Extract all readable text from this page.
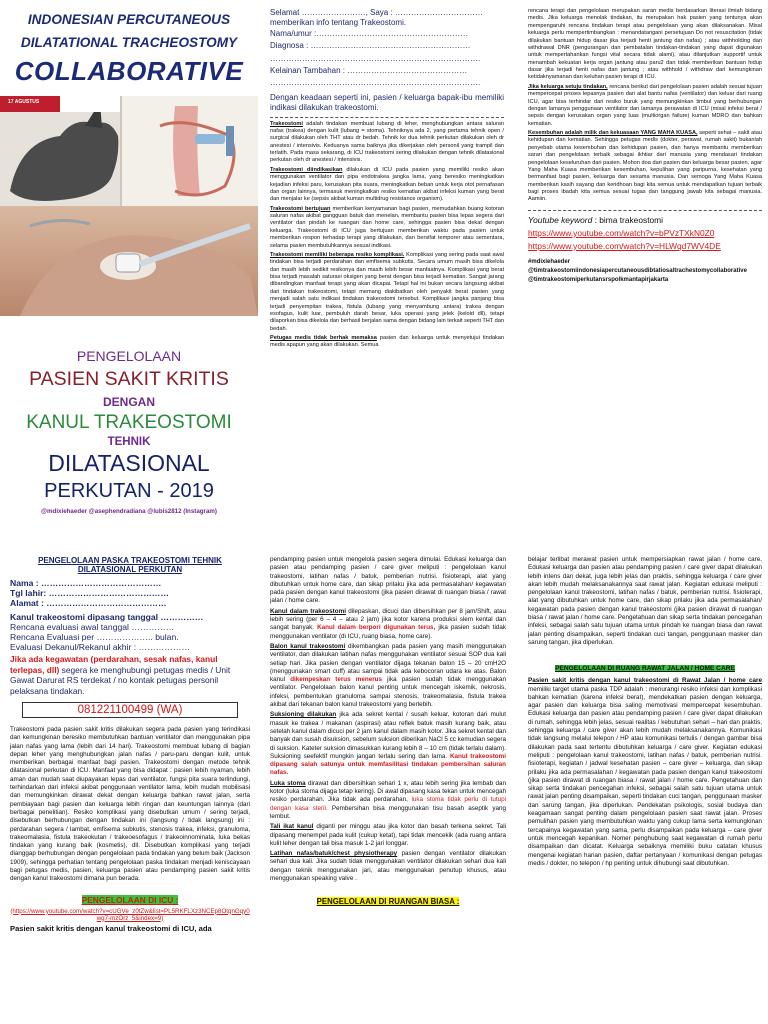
INDONESIAN PERCUTANEOUS
DILATATIONAL TRACHEOSTOMY
COLLABORATIVE
17 AGUSTUS
PENGELOLAAN
PASIEN SAKIT KRITIS
DENGAN
KANUL TRAKEOSTOMI
TEHNIK
DILATASIONAL
PERKUTAN - 2019
@mdixiehaeder @asephendradiana @lubis2812 (Instagram)
Selamat ……………………, Saya : ……………………………
memberikan info tentang Trakeostomi.
Nama/umur :…………………………………………………
Diagnosa : ……………………………………………………
…………………………………………………………………….
Kelainan Tambahan : ………………………………………
…………………………………………………………………….
Dengan keadaan seperti ini, pasien / keluarga bapak-ibu memiliki indikasi dilakukan trakeostomi.

Trakeostomi adalah tindakan membuat lubang di leher, menghubungkan antara saluran nafas (trakea) dengan kulit (lubang = stoma). Tehniknya ada 2, yang pertama tehnik open / surgical dilakukan oleh THT atau dr bedah. Tehnik ke dua tehnik perkutan dilakukan oleh dr anestesi / intensivis. Keduanya sama baiknya jika dikerjakan oleh personil yang trampil dan terlatih. Pada masa sekarang, di ICU trakeostomi sering dilakukan dengan tehnik dilatasional perkutan oleh dr anestesi / intensivis.

Trakeostomi diindikasikan dilakukan di ICU pada pasien yang memiliki resiko akan menggunakan ventilator dan pipa endotrakea jangka lama, yang beresiko meningkatkan kejadian infeksi paru, kerusakan pita suara, meningkatkan beban untuk kerja otot pernafasan dan organ lainnya, termasuk meningkatkan resiko kematian akibat infeksi kuman yang berat dan menjalar ke (sepsis akibat kuman multidrug resistance organism).

Trakeostomi bertujuan memberikan kenyamanan bagi pasien, memudahkan buang kotoran saluran nafas akibat gangguan batuk dan menelan, membantu pasien bisa lepas segera dari ventilator dan pindah ke ruangan dan home care, sehingga pasien bisa dekat dengan keluarga. Trakeostomi di ICU juga bertujuan memberikan waktu pada pasien untuk memberikan respon terhadap terapi yang dilakukan, dan bersifat temporer atau sementara, selama pasien membutuhkannya sesuai indikasi.

Trakeostomi memiliki beberapa resiko komplikasi. Komplikasi yang sering pada saat awal tindakan bisa terjadi perdarahan dan emfisema subkutis. Secara umum masih bisa dikelola dan masih lebih sedikit resikonya dan masih lebih besar manfaatnya. Komplikasi yang berat bisa terjadi masalah saturasi oksigen yang berat dengan bisa terjadi kematian. Sangat jarang dibandingkan manfaat terapi yang akan dicapai. Tetapi hal ini bukan secara langsung akibat dari tindakan trakeostomi, tetapi memang diakibatkan oleh penyakit berat pasien yang menjadi salah satu indikasi tindakan trakeostomi tersebut. Komplikasi jangka panjang bisa terjadi penyempitan trakea, fistula (lubang yang menyambung antara) trakea dengan esofagus, kulit luar, pembuluh darah besar, luka operasi yang jelek (keloid dll), tetapi dilaporkan bisa dikelola dan berhasil berjalan sama dengan bidang lain terkait seperti THT dan bedah.

Petugas medis tidak berhak memaksa pasien dan keluarga untuk menyetujui tindakan medis apapun yang akan dilakukan. Semua

rencana terapi dan pengelolaan merupakan saran medis berdasarkan literasi ilmiah bidang medis. Jika keluarga menolak tindakan, itu merupakan hak pasien yang tentunya akan mempengaruhi rencana tindakan terapi atau pengelolaan yang akan dilaksanakan. Misal keluarga perlu mempertimbangkan : menandatangani persetujuan Do not resuscitation (tidak dilakukan bantuan hidup dasar jika terjadi henti jantung dan nafas) ; atau withholding dan withdrawal DNR (pengurangan dan pembatalan tindakan-tindakan yang dapat digunakan untuk mempertahankan fungsi vital secara tidak alami), atau dilanjutkan supportif untuk menambah kekuatan kerja organ jantung atau paru2 dan tidak memberikan bantuan hidup dasar jika terjadi henti nafas dan jantung ; atau withhold / withdraw dari kemungkinan ketidaknyamanan dan keluhan pasien terapi di ICU.

Jika keluarga setuju tindakan, rencana berikut dari pengelolaan pasien adalah sesuai tujuan mempercepat proses lepasnya pasien dari alat bantu nafas (ventilator) dan keluar dari ruang ICU, agar bisa terhindar dari resiko buruk yang memungkinkan timbul yang berhubungan dengan lamanya penggunaan ventilator dan lamanya perawatan di ICU (misal infeksi berat / sepsis dengan kerusakan organ yang luas (multiorgan failure) kuman MDRO dan bahkan kematian.

Kesembuhan adalah milik dan kekuasaan YANG MAHA KUASA, seperti sehat – sakit atau kehidupan dan kematian. Sehingga petugas medis (dokter, perawat, rumah sakit) bukanlah penyebab utama kesembuhan dan kehidupan pasien, dan hanya membantu memberikan saran dan pengelolaan terbaik sebagai ikhtiar dari manusia yang mendasari tindakan pengelolaan keseluruhan dari pasien. Mohon doa dari pasien dan keluarga besar pasien, agar Yang Maha Kuasa memberikan kesembuhan, kepulihan yang paripurna, kesehatan yang bermanfaat bagi pasien, keluarga dan sesama manusia. Dan semoga Yang Maha Kuasa memberikan kasih sayang dan keridhoan bagi kita semua untuk mendapatkan tujuan terbaik bagi proses ibadah kita semua sesuai tugas dan tanggung jawab kita sebagai manusia. Aamiin.

Youtube keyword : bima trakeostomi
https://www.youtube.com/watch?v=bPVzTXkN0Z0
https://www.youtube.com/watch?v=HLWqd7WV4DE
#mdixiehaeder
@timtrakeostomiindonesiapercutaneousdibtatiosaltrachestomycollaborative
@timtrakeostomiperkutansrspolkmantapirjakarta
PENGELOLAAN PASKA TRAKEOSTOMI TEHNIK
DILATASIONAL PERKUTAN
Nama : ……………………………………
Tgl lahir: ……………………………………
Alamat : ……………………………………
Kanul trakeostomi dipasang tanggal ……………
Rencana evaluasi awal tanggal ……………
Rencana Evaluasi per ……………….. bulan.
Evaluasi Dekanul/Rekanul akhir : ………………
Jika ada kegawatan (perdarahan, sesak nafas, kanul terlepas, dll) segera ke menghubungi petugas medis / Unit Gawat Darurat RS terdekat / no kontak petugas personil pelaksana tindakan.
081221100499 (WA)

Trakeostomi pada pasien sakit kritis dilakukan segera pada pasien yang terindikasi dan kemungkinan beresiko membutuhkan bantuan ventilator dan menggunakan pipa jalan nafas yang lama (lebih dari 14 hari). Trakeostomi membuat lubang di bagian depan leher yang menghubungkan jalan nafas / paru-paru dengan kulit, untuk memberikan berbagai manfaat bagi pasien. Trakeostomi dengan metode tehnik dilatasional perkutan di ICU. Manfaat yang bisa didapat : pasien lebih nyaman, lebih aman dan mudah saat diupayakan lepas dari ventilator, fungsi pita suara terlindungi, terhindarkan dari infeksi akibat penggunaan ventilator lama, lebih mudah mobilisasi dan memungkinkan dirawat dekat dengan keluarga bahkan rawat jalan, serta pembiayaan bagi pasien dan keluarga lebih ringan dan keuntungan lainnya (dari berbagai penelitian). Resiko komplikasi yang disebutkan umum / sering terjadi, disebutkan berhubungan dengan tindakan ini (langsung / tidak langsung) ini : perdarahan segera / lambat, emfisema subkutis, stenosis trakea, infeksi, granuloma, trakeomalasia, fistula trakeokutan / trakeoesofagus / trakeoinnominata, luka bekas tindakan yang kurang baik (kosmetis), dll. Disebutkan komplikasi yang terjadi dianggap berhubungan dengan pengelolaan pada tindakan yang belum baik (Jackson 1909), sehingga perhatian tentang pengelolaan paska tindakan menjadi keniscayaan bagi petugas medis, pasien, keluarga pasien atau pendamping pasien sakit kritis dengan kanul trakeostomi dimana pun berada.

PENGELOLAAN DI ICU :
(https://www.youtube.com/watch?v=cUGVe_z0tZw&list=PL5RKFLXz3NCEp8OtgnGqy0wg7-mzOrz_5&index=9)
Pasien sakit kritis dengan kanul trakeostomi di ICU, ada

pendamping pasien untuk mengelola pasien segera dimulai. Edukasi keluarga dan pasien atau pendamping pasien / care giver meliputi : pengelolaan kanul trakeostomi, latihan nafas / batuk, pemberian nutrisi. fisioterapi, alat yang dibutuhkan untuk home care, dan sikap prilaku jika ada permasalahan/ kegawatan pada pasien dengan kanul trakeostomi (jika pasien dirawat di ruangan biasa / rawat jalan / home care.

Kanul dalam trakeostomi dilepaskan, dicuci dan dibersihkan per 8 jam/Shift, atau lebih sering (per 6 – 4 – atau 2 jam) jika kotor karena produksi slem kental dan sangat banyak. Kanul dalam berpori digunakan terus, jika pasien sudah tidak menggunakan ventilator (di ICU, ruang biasa, home care).

Balon kanul trakeostomi dikembangkan pada pasien yang masih menggunakan ventilator, dan dilakukan latihan nafas menggunakan ventilator sesuai SOP dua kali setiap hari. Jika pasien dengan ventilator dijaga tekanan balon 15 – 20 cmH2O (menggunakan smart cuff) atau sampai tidak ada kebocoran udara ke atas. Balon kanul dikempeskan terus menerus jika pasien sudah tidak menggunakan ventilator. Pengelolaan balon kanul penting untuk mencegah iskemik, nekrosis, infeksi, pembentukan granuloma sampai stenosis, trakeomalasia, fistula trakea akibat dari tekanan balon kanul trakeostomi yang berlebih.

Suksioning dilakukan jika ada sekret kental / susah keluar, kotoran dari mulut masuk ke trakea / makanan (aspirasi) atau reflek batuk masih kurang baik, atau setelah kanul dalam dicuci per 2 jam kanul dalam masih kotor. Jika sekret kental dan banyak dan susah disuksion, sebelum suksion diberikan NaCl 5 cc kemudian segera di suksion. Kateter suksion dimasukkan kurang lebih 8 – 10 cm (tidak terlalu dalam). Suksioning seefektif mungkin jangan terlalu sering dan lama. Kanul trakeostomi dipasang salah satunya untuk memfasilitasi tindakan pembersihan saluran nafas.

Luka stoma dirawat dan dibersihkan sehari 1 x, atau lebih sering jika lembab dan kotor (luka stoma dijaga tetap kering). Di awal dipasang kasa tekan untuk mencegah resiko perdarahan. Jika tidak ada perdarahan, luka stoma tidak perlu di tutupi dengan kasa steril. Pembersihan bisa menggunakan tisu basah aseptik yang lembut.

Tali ikat kanul diganti per minggu atau jika kotor dan basah terkena sekret. Tali dipasang menempel pada kulit (cukup ketat), tapi tidak mencekik (ada ruang antara kulit leher dengan tali bisa masuk 1-2 jari longgar.

Latihan nafas/batuk/chest physiotherapy pasien dengan ventilator dilakukan sehari dua kali. Jika sudah tidak menggunakan ventilator dilakukan sehari dua kali dengan teknik menggunakan jari, atau menggunakan penutup khusus, atau menggunakan speaking valve .

PENGELOLAAN DI RUANGAN BIASA :

belajar terlibat merawat pasien untuk mempersiapkan rawat jalan / home care. Edukasi keluarga dan pasien atau pendamping pasien / care giver dapat dilakukan lebih intens dan dekat, juga lebih jelas dan praktis, sehingga keluarga / care giver akan lebih mudah melaksanakannya saat rawat jalan. Kegiatan edukasi meliputi : pengelolaan kanul trakeostomi, latihan nafas / batuk, pemberian nutrisi. fisioterapi, alat yang dibutuhkan untuk home care, dan sikap prilaku jika ada permasalahan/ kegawatan pada pasien dengan kanul trakeostomi (jika pasien dirawat di ruangan biasa / rawat jalan / home care. Pengetahuan dan sikap serta tindakan pencegahan infeksi, sebagai salah satu tujuan utama untuk pindah ke ruangan biasa dan rawat jalan penting disampaikan, seperti tindakan cuci tangan, penggunaan masker dan sarung tangan, jika diperlukan.

PENGELOLAAN DI RUANG RAWAT JALAN / HOME CARE

Pasien sakit kritis dengan kanul trakeostomi di Rawat Jalan / home care memiliki target utama paska TDP adalah : menurangi resiko infeksi dan komplikasi bahkan kematian (karena infeksi berat), mendekatkan pasien dengan keluarga, agar pasien dan keluarga bisa saling memotivasi mempercepat kesembuhan. Edukasi keluarga dan pasien atau pendamping pasien / care giver dapat dilakukan di rumah, sehingga lebih jelas, sesuai realitas / kebutuhan sehari – hari dan praktis, sehingga keluarga / care giver akan lebih mudah melaksanakannya. Komunikasi tidak langsung melalui telepon / HP atau komunikasi tertulis / dengan gambar bisa dilakukan pada saat tertentu dibutuhkan keluarga / care giver. Kegiatan edukasi meliputi : pengelolaan kanul trakeostomi, latihan nafas / batuk, pemberian nutrisi. fisioterapi, kegiatan / jadwal kesehatan pasien – care giver – keluarga, dan sikap prilaku jika ada permasalahan / kegawatan pada pasien dengan kanul trakeostomi (jika pasien dirawat di ruangan biasa / rawat jalan / home care. Pengetahuan dan sikap serta tindakan pencegahan infeksi, sebagai salah satu tujuan utama untuk rawat jalan penting disampaikan, seperti tindakan cuci tangan, penggunaan masker dan sarung tangan, jika diperlukan. Pendekatan psikologis, sosial budaya dan keagamaan sangat penting dalam pengelolaan pasien saat rawat jalan. Proses pemulihan pasien yang membutuhkan waktu yang cukup lama serta kemungkinan tercapainya kegawatan yang sama, perlu disampaikan pada keluarga – care giver untuk mencegah kepanikan. Nomer penghubung saat kegawatan di rumah perlu disampaikan dan dicatat. Keluarga sebaiknya memiliki buku catatan khusus mengenai kegiatan harian pasien, daftar pertanyaan / komunikasi dengan petugas medis / dokter, no telepon / hp penting untuk dihubungi saat dibutuhkan.
